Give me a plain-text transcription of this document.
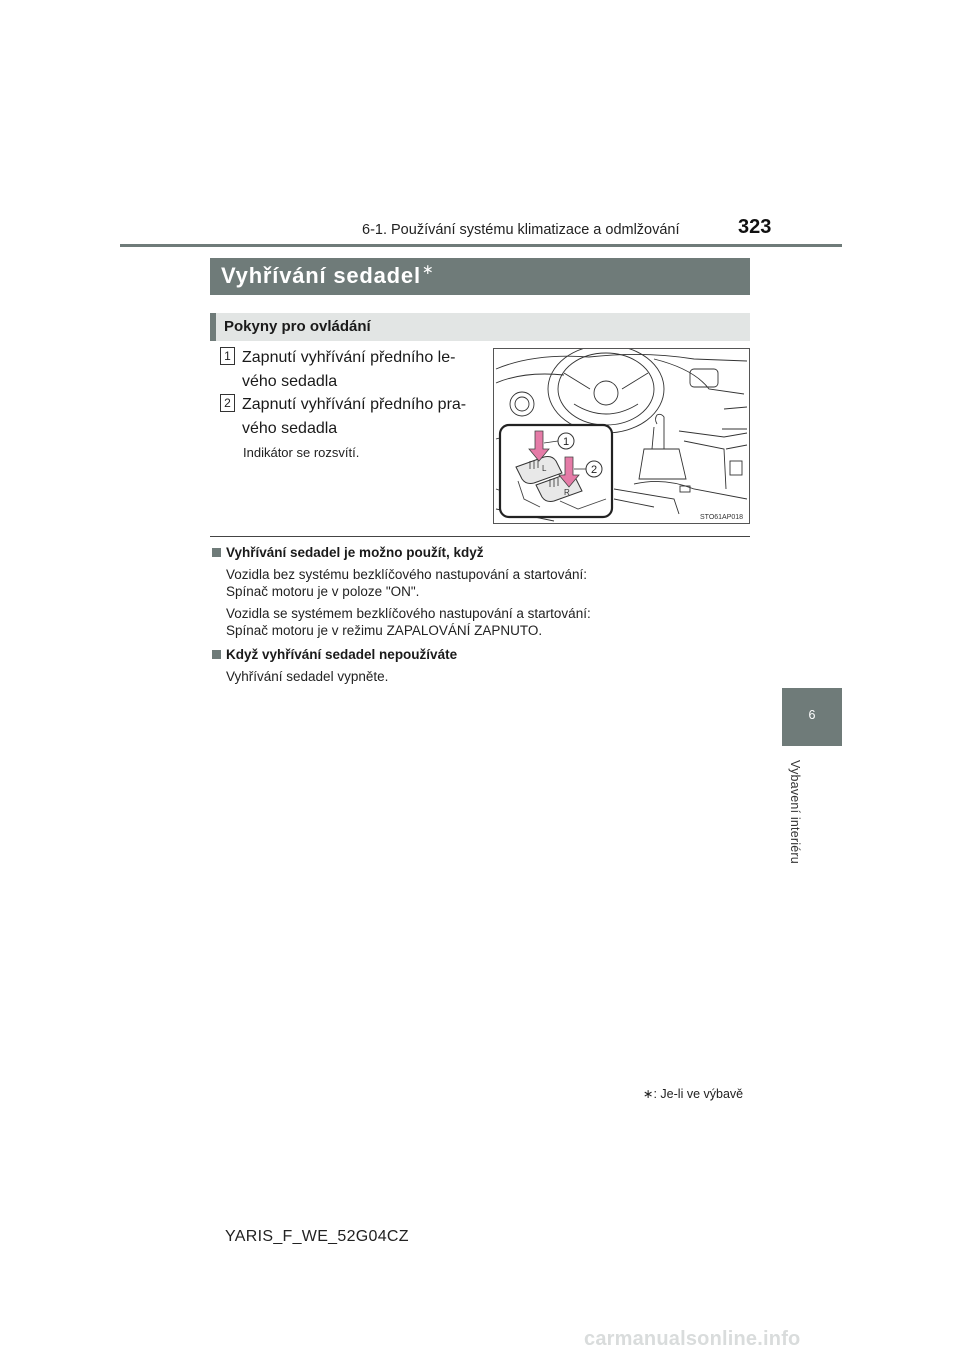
6-1. Používání systému klimatizace a odmlžování	323
6
Vybavení interiéru
Vyhřívání sedadel∗
Pokyny pro ovládání
1 Zapnutí vyhřívání předního le-
vého sedadla
2 Zapnutí vyhřívání předního pra-
vého sedadla
Indikátor se rozsvítí.
L
R
1
2
STO61AP018
Vyhřívání sedadel je možno použít, když
Vozidla bez systému bezklíčového nastupování a startování:
Spínač motoru je v poloze "ON".
Vozidla se systémem bezklíčového nastupování a startování:
Spínač motoru je v režimu ZAPALOVÁNÍ ZAPNUTO.
Když vyhřívání sedadel nepoužíváte
Vyhřívání sedadel vypněte.
∗: Je-li ve výbavě
YARIS_F_WE_52G04CZ
carmanualsonline.info
